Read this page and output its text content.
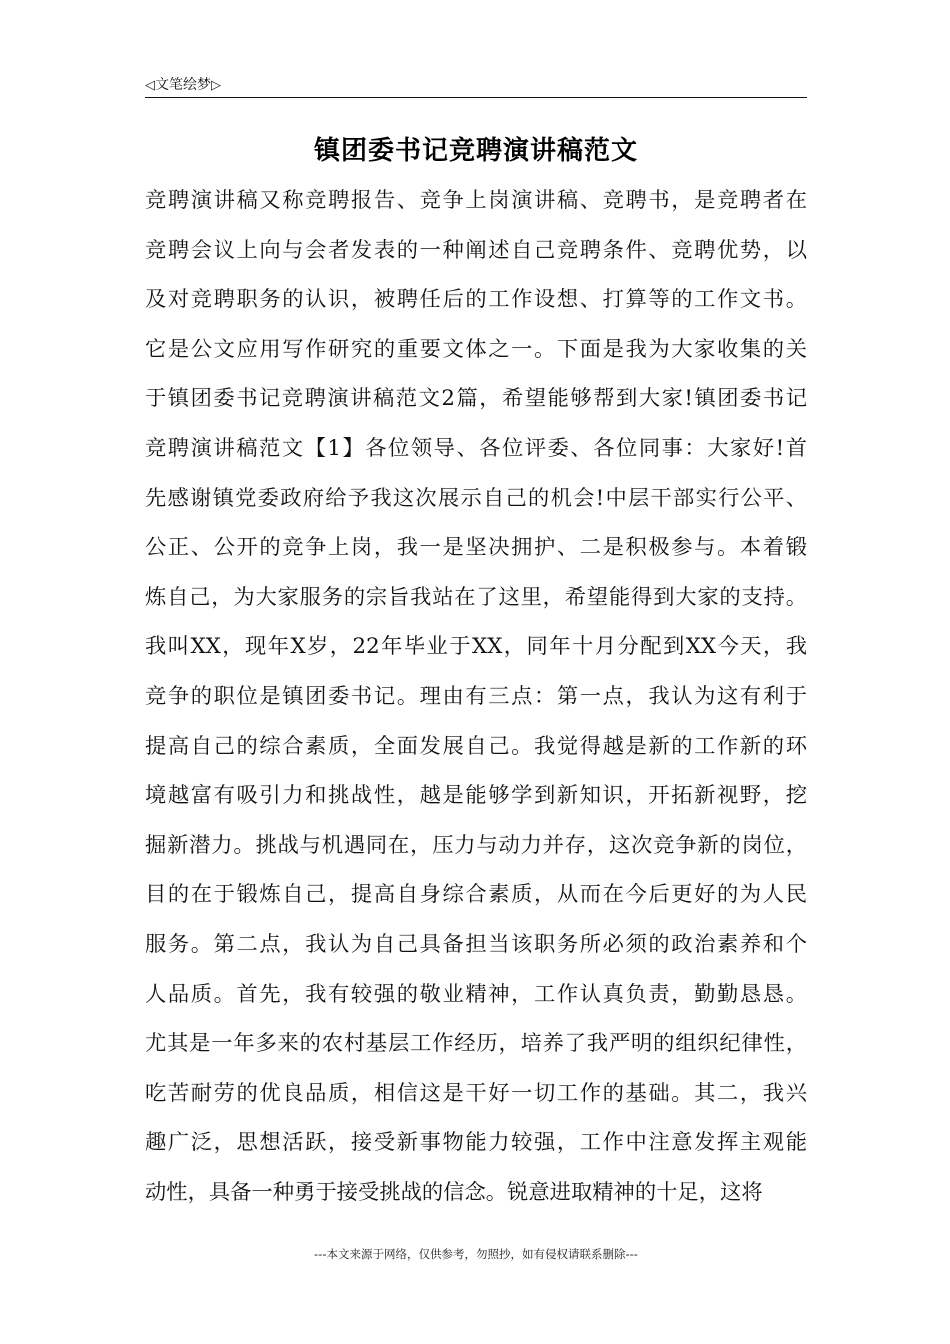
◁文笔绘梦▷
镇团委书记竞聘演讲稿范文
竞聘演讲稿又称竞聘报告、竞争上岗演讲稿、竞聘书，是竞聘者在
竞聘会议上向与会者发表的一种阐述自己竞聘条件、竞聘优势，以
及对竞聘职务的认识，被聘任后的工作设想、打算等的工作文书。
它是公文应用写作研究的重要文体之一。下面是我为大家收集的关
于镇团委书记竞聘演讲稿范文2篇，希望能够帮到大家!镇团委书记
竞聘演讲稿范文【1】各位领导、各位评委、各位同事：大家好!首
先感谢镇党委政府给予我这次展示自己的机会!中层干部实行公平、
公正、公开的竞争上岗，我一是坚决拥护、二是积极参与。本着锻
炼自己，为大家服务的宗旨我站在了这里，希望能得到大家的支持。
我叫XX，现年X岁，22年毕业于XX，同年十月分配到XX今天，我
竞争的职位是镇团委书记。理由有三点：第一点，我认为这有利于
提高自己的综合素质，全面发展自己。我觉得越是新的工作新的环
境越富有吸引力和挑战性，越是能够学到新知识，开拓新视野，挖
掘新潜力。挑战与机遇同在，压力与动力并存，这次竞争新的岗位，
目的在于锻炼自己，提高自身综合素质，从而在今后更好的为人民
服务。第二点，我认为自己具备担当该职务所必须的政治素养和个
人品质。首先，我有较强的敬业精神，工作认真负责，勤勤恳恳。
尤其是一年多来的农村基层工作经历，培养了我严明的组织纪律性，
吃苦耐劳的优良品质，相信这是干好一切工作的基础。其二，我兴
趣广泛，思想活跃，接受新事物能力较强，工作中注意发挥主观能
动性，具备一种勇于接受挑战的信念。锐意进取精神的十足，这将
---本文来源于网络，仅供参考，勿照抄，如有侵权请联系删除---
